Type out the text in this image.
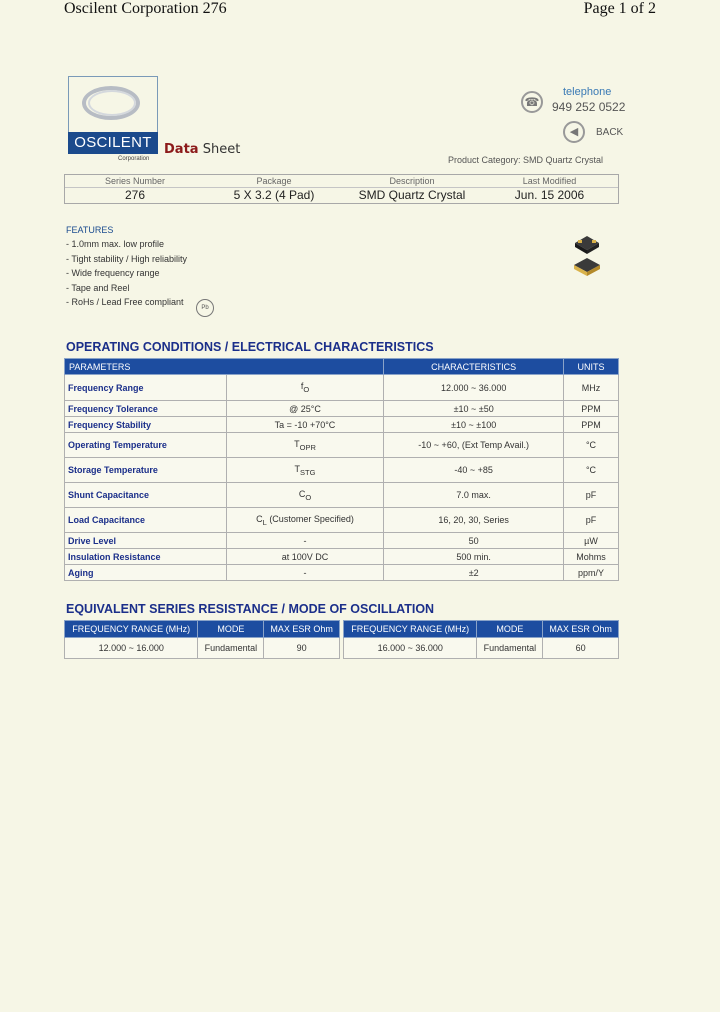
Oscilent Corporation 276	Page 1 of 2
OSCILENT
Corporation
Data Sheet
☎
telephone
949 252 0522
◀	BACK
Product Category: SMD Quartz Crystal
Series Number	Package	Description	Last Modified
276	5 X 3.2 (4 Pad)	SMD Quartz Crystal	Jun. 15 2006
FEATURES
- 1.0mm max. low profile
- Tight stability / High reliability
- Wide frequency range
- Tape and Reel
- RoHs / Lead Free compliant
Pb
OPERATING CONDITIONS / ELECTRICAL CHARACTERISTICS
PARAMETERS		CHARACTERISTICS	UNITS
Frequency Range	$f_O$	12.000 ~ 36.000	MHz
Frequency Tolerance	@ 25°C	±10 ~ ±50	PPM
Frequency Stability	Ta = -10 +70°C	±10 ~ ±100	PPM
Operating Temperature	$T_{OPR}$	-10 ~ +60, (Ext Temp Avail.)	°C
Storage Temperature	$T_{STG}$	-40 ~ +85	°C
Shunt Capacitance	$C_O$	7.0 max.	pF
Load Capacitance	$C_L$ (Customer Specified)	16, 20, 30, Series	pF
Drive Level	-	50	µW
Insulation Resistance	at 100V DC	500 min.	Mohms
Aging	-	±2	ppm/Y
EQUIVALENT SERIES RESISTANCE / MODE OF OSCILLATION
FREQUENCY RANGE (MHz)	MODE	MAX ESR Ohm
12.000 ~ 16.000	Fundamental	90
FREQUENCY RANGE (MHz)	MODE	MAX ESR Ohm
16.000 ~ 36.000	Fundamental	60
